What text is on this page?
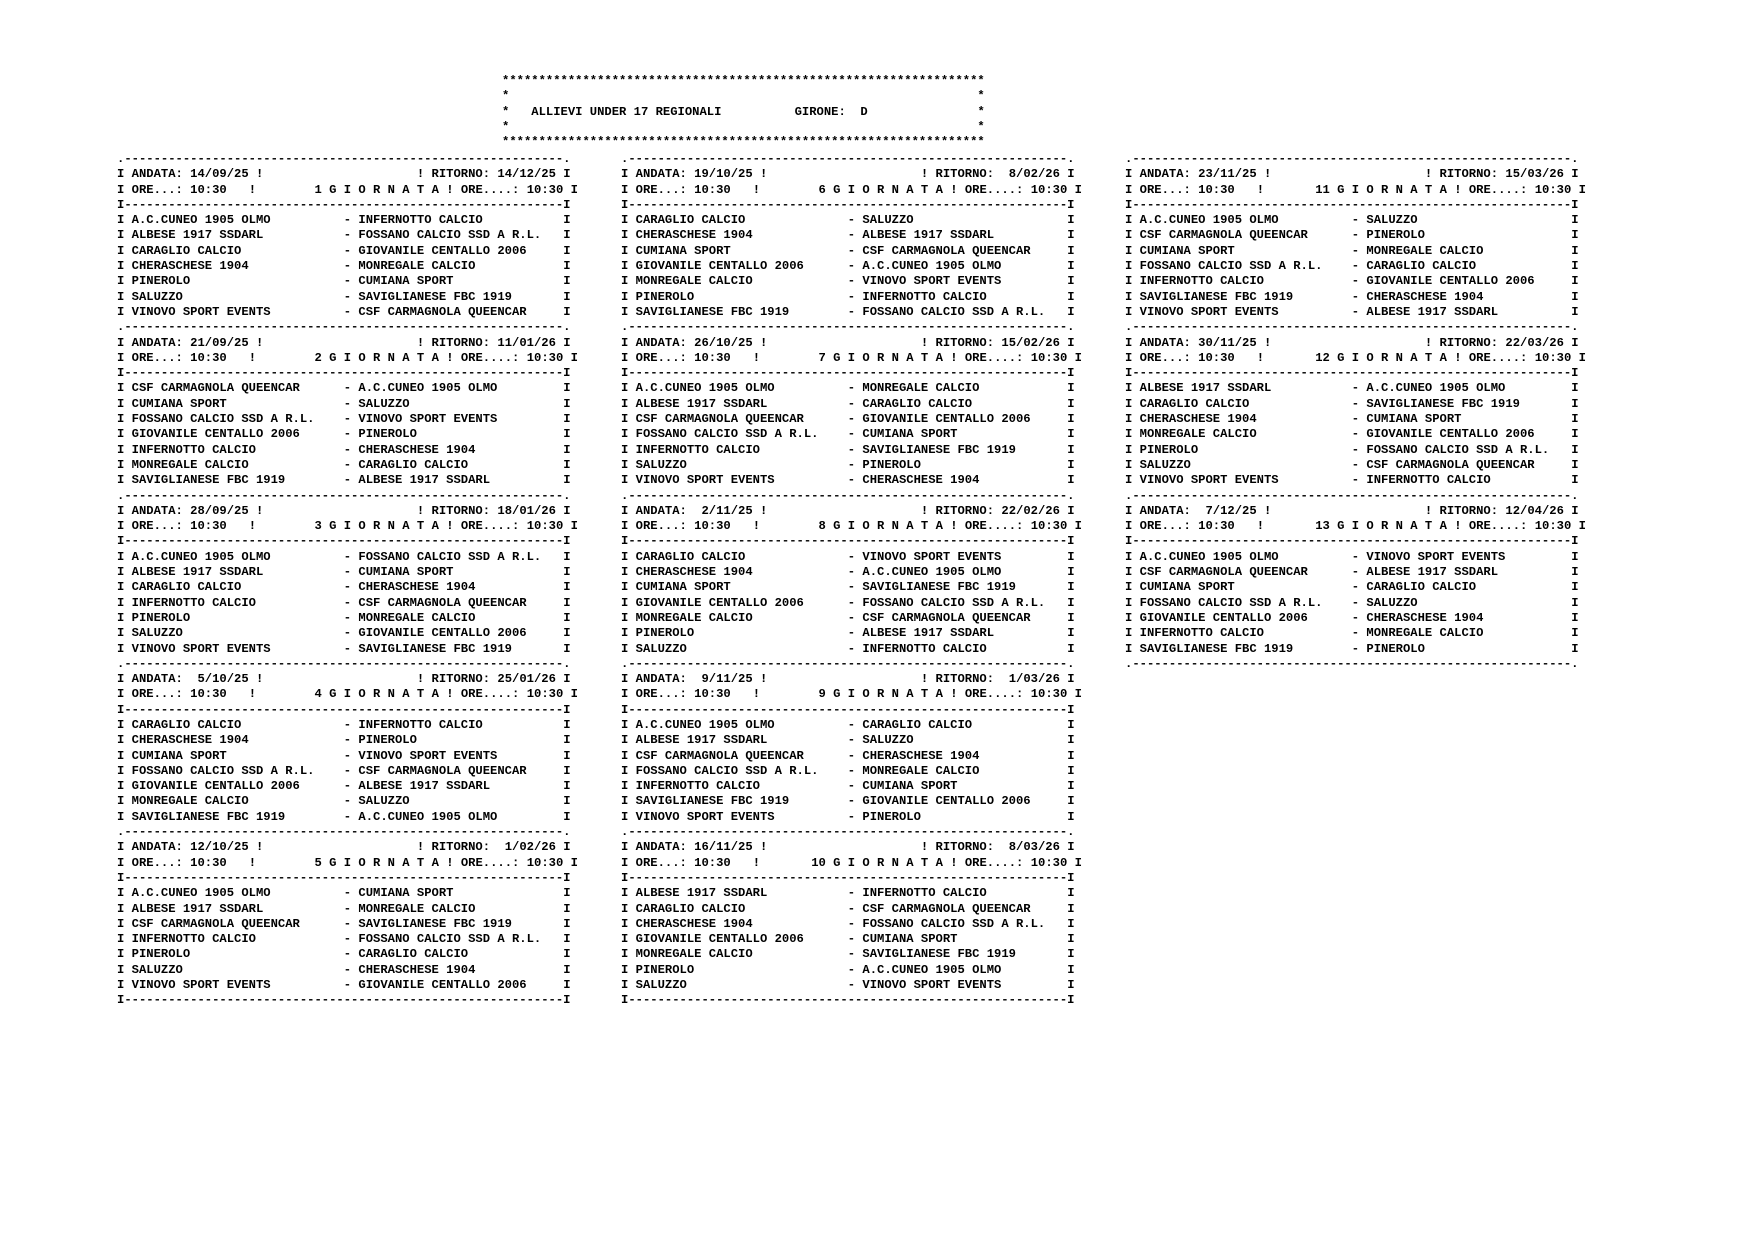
******************************************************************
*                                                                *
*   ALLIEVI UNDER 17 REGIONALI	GIRONE: D	*
*                                                                *
******************************************************************
.------------------------------------------------------------.
I ANDATA: 14/09/25 !                     ! RITORNO: 14/12/25 I
I ORE...: 10:30   !        1 G I O R N A T A ! ORE....: 10:30 I
I------------------------------------------------------------I
I A.C.CUNEO 1905 OLMO          - INFERNOTTO CALCIO           I
I ALBESE 1917 SSDARL           - FOSSANO CALCIO SSD A R.L.   I
I CARAGLIO CALCIO              - GIOVANILE CENTALLO 2006     I
I CHERASCHESE 1904             - MONREGALE CALCIO            I
I PINEROLO                     - CUMIANA SPORT               I
I SALUZZO                      - SAVIGLIANESE FBC 1919       I
I VINOVO SPORT EVENTS          - CSF CARMAGNOLA QUEENCAR     I
.------------------------------------------------------------.
I ANDATA: 21/09/25 !                     ! RITORNO: 11/01/26 I
I ORE...: 10:30   !        2 G I O R N A T A ! ORE....: 10:30 I
I------------------------------------------------------------I
I CSF CARMAGNOLA QUEENCAR      - A.C.CUNEO 1905 OLMO         I
I CUMIANA SPORT                - SALUZZO                     I
I FOSSANO CALCIO SSD A R.L.    - VINOVO SPORT EVENTS         I
I GIOVANILE CENTALLO 2006      - PINEROLO                    I
I INFERNOTTO CALCIO            - CHERASCHESE 1904            I
I MONREGALE CALCIO             - CARAGLIO CALCIO             I
I SAVIGLIANESE FBC 1919        - ALBESE 1917 SSDARL          I
.------------------------------------------------------------.
I ANDATA: 28/09/25 !                     ! RITORNO: 18/01/26 I
I ORE...: 10:30   !        3 G I O R N A T A ! ORE....: 10:30 I
I------------------------------------------------------------I
I A.C.CUNEO 1905 OLMO          - FOSSANO CALCIO SSD A R.L.   I
I ALBESE 1917 SSDARL           - CUMIANA SPORT               I
I CARAGLIO CALCIO              - CHERASCHESE 1904            I
I INFERNOTTO CALCIO            - CSF CARMAGNOLA QUEENCAR     I
I PINEROLO                     - MONREGALE CALCIO            I
I SALUZZO                      - GIOVANILE CENTALLO 2006     I
I VINOVO SPORT EVENTS          - SAVIGLIANESE FBC 1919       I
.------------------------------------------------------------.
I ANDATA:  5/10/25 !                     ! RITORNO: 25/01/26 I
I ORE...: 10:30   !        4 G I O R N A T A ! ORE....: 10:30 I
I------------------------------------------------------------I
I CARAGLIO CALCIO              - INFERNOTTO CALCIO           I
I CHERASCHESE 1904             - PINEROLO                    I
I CUMIANA SPORT                - VINOVO SPORT EVENTS         I
I FOSSANO CALCIO SSD A R.L.    - CSF CARMAGNOLA QUEENCAR     I
I GIOVANILE CENTALLO 2006      - ALBESE 1917 SSDARL          I
I MONREGALE CALCIO             - SALUZZO                     I
I SAVIGLIANESE FBC 1919        - A.C.CUNEO 1905 OLMO         I
.------------------------------------------------------------.
I ANDATA: 12/10/25 !                     ! RITORNO:  1/02/26 I
I ORE...: 10:30   !        5 G I O R N A T A ! ORE....: 10:30 I
I------------------------------------------------------------I
I A.C.CUNEO 1905 OLMO          - CUMIANA SPORT               I
I ALBESE 1917 SSDARL           - MONREGALE CALCIO            I
I CSF CARMAGNOLA QUEENCAR      - SAVIGLIANESE FBC 1919       I
I INFERNOTTO CALCIO            - FOSSANO CALCIO SSD A R.L.   I
I PINEROLO                     - CARAGLIO CALCIO             I
I SALUZZO                      - CHERASCHESE 1904            I
I VINOVO SPORT EVENTS          - GIOVANILE CENTALLO 2006     I
I------------------------------------------------------------I
.------------------------------------------------------------.
I ANDATA: 19/10/25 !                     ! RITORNO:  8/02/26 I
I ORE...: 10:30   !        6 G I O R N A T A ! ORE....: 10:30 I
I------------------------------------------------------------I
I CARAGLIO CALCIO              - SALUZZO                     I
I CHERASCHESE 1904             - ALBESE 1917 SSDARL          I
I CUMIANA SPORT                - CSF CARMAGNOLA QUEENCAR     I
I GIOVANILE CENTALLO 2006      - A.C.CUNEO 1905 OLMO         I
I MONREGALE CALCIO             - VINOVO SPORT EVENTS         I
I PINEROLO                     - INFERNOTTO CALCIO           I
I SAVIGLIANESE FBC 1919        - FOSSANO CALCIO SSD A R.L.   I
.------------------------------------------------------------.
I ANDATA: 26/10/25 !                     ! RITORNO: 15/02/26 I
I ORE...: 10:30   !        7 G I O R N A T A ! ORE....: 10:30 I
I------------------------------------------------------------I
I A.C.CUNEO 1905 OLMO          - MONREGALE CALCIO            I
I ALBESE 1917 SSDARL           - CARAGLIO CALCIO             I
I CSF CARMAGNOLA QUEENCAR      - GIOVANILE CENTALLO 2006     I
I FOSSANO CALCIO SSD A R.L.    - CUMIANA SPORT               I
I INFERNOTTO CALCIO            - SAVIGLIANESE FBC 1919       I
I SALUZZO                      - PINEROLO                    I
I VINOVO SPORT EVENTS          - CHERASCHESE 1904            I
.------------------------------------------------------------.
I ANDATA:  2/11/25 !                     ! RITORNO: 22/02/26 I
I ORE...: 10:30   !        8 G I O R N A T A ! ORE....: 10:30 I
I------------------------------------------------------------I
I CARAGLIO CALCIO              - VINOVO SPORT EVENTS         I
I CHERASCHESE 1904             - A.C.CUNEO 1905 OLMO         I
I CUMIANA SPORT                - SAVIGLIANESE FBC 1919       I
I GIOVANILE CENTALLO 2006      - FOSSANO CALCIO SSD A R.L.   I
I MONREGALE CALCIO             - CSF CARMAGNOLA QUEENCAR     I
I PINEROLO                     - ALBESE 1917 SSDARL          I
I SALUZZO                      - INFERNOTTO CALCIO           I
.------------------------------------------------------------.
I ANDATA:  9/11/25 !                     ! RITORNO:  1/03/26 I
I ORE...: 10:30   !        9 G I O R N A T A ! ORE....: 10:30 I
I------------------------------------------------------------I
I A.C.CUNEO 1905 OLMO          - CARAGLIO CALCIO             I
I ALBESE 1917 SSDARL           - SALUZZO                     I
I CSF CARMAGNOLA QUEENCAR      - CHERASCHESE 1904            I
I FOSSANO CALCIO SSD A R.L.    - MONREGALE CALCIO            I
I INFERNOTTO CALCIO            - CUMIANA SPORT               I
I SAVIGLIANESE FBC 1919        - GIOVANILE CENTALLO 2006     I
I VINOVO SPORT EVENTS          - PINEROLO                    I
.------------------------------------------------------------.
I ANDATA: 16/11/25 !                     ! RITORNO:  8/03/26 I
I ORE...: 10:30   !       10 G I O R N A T A ! ORE....: 10:30 I
I------------------------------------------------------------I
I ALBESE 1917 SSDARL           - INFERNOTTO CALCIO           I
I CARAGLIO CALCIO              - CSF CARMAGNOLA QUEENCAR     I
I CHERASCHESE 1904             - FOSSANO CALCIO SSD A R.L.   I
I GIOVANILE CENTALLO 2006      - CUMIANA SPORT               I
I MONREGALE CALCIO             - SAVIGLIANESE FBC 1919       I
I PINEROLO                     - A.C.CUNEO 1905 OLMO         I
I SALUZZO                      - VINOVO SPORT EVENTS         I
I------------------------------------------------------------I
.------------------------------------------------------------.
I ANDATA: 23/11/25 !                     ! RITORNO: 15/03/26 I
I ORE...: 10:30   !       11 G I O R N A T A ! ORE....: 10:30 I
I------------------------------------------------------------I
I A.C.CUNEO 1905 OLMO          - SALUZZO                     I
I CSF CARMAGNOLA QUEENCAR      - PINEROLO                    I
I CUMIANA SPORT                - MONREGALE CALCIO            I
I FOSSANO CALCIO SSD A R.L.    - CARAGLIO CALCIO             I
I INFERNOTTO CALCIO            - GIOVANILE CENTALLO 2006     I
I SAVIGLIANESE FBC 1919        - CHERASCHESE 1904            I
I VINOVO SPORT EVENTS          - ALBESE 1917 SSDARL          I
.------------------------------------------------------------.
I ANDATA: 30/11/25 !                     ! RITORNO: 22/03/26 I
I ORE...: 10:30   !       12 G I O R N A T A ! ORE....: 10:30 I
I------------------------------------------------------------I
I ALBESE 1917 SSDARL           - A.C.CUNEO 1905 OLMO         I
I CARAGLIO CALCIO              - SAVIGLIANESE FBC 1919       I
I CHERASCHESE 1904             - CUMIANA SPORT               I
I MONREGALE CALCIO             - GIOVANILE CENTALLO 2006     I
I PINEROLO                     - FOSSANO CALCIO SSD A R.L.   I
I SALUZZO                      - CSF CARMAGNOLA QUEENCAR     I
I VINOVO SPORT EVENTS          - INFERNOTTO CALCIO           I
.------------------------------------------------------------.
I ANDATA:  7/12/25 !                     ! RITORNO: 12/04/26 I
I ORE...: 10:30   !       13 G I O R N A T A ! ORE....: 10:30 I
I------------------------------------------------------------I
I A.C.CUNEO 1905 OLMO          - VINOVO SPORT EVENTS         I
I CSF CARMAGNOLA QUEENCAR      - ALBESE 1917 SSDARL          I
I CUMIANA SPORT                - CARAGLIO CALCIO             I
I FOSSANO CALCIO SSD A R.L.    - SALUZZO                     I
I GIOVANILE CENTALLO 2006      - CHERASCHESE 1904            I
I INFERNOTTO CALCIO            - MONREGALE CALCIO            I
I SAVIGLIANESE FBC 1919        - PINEROLO                    I
.------------------------------------------------------------.
